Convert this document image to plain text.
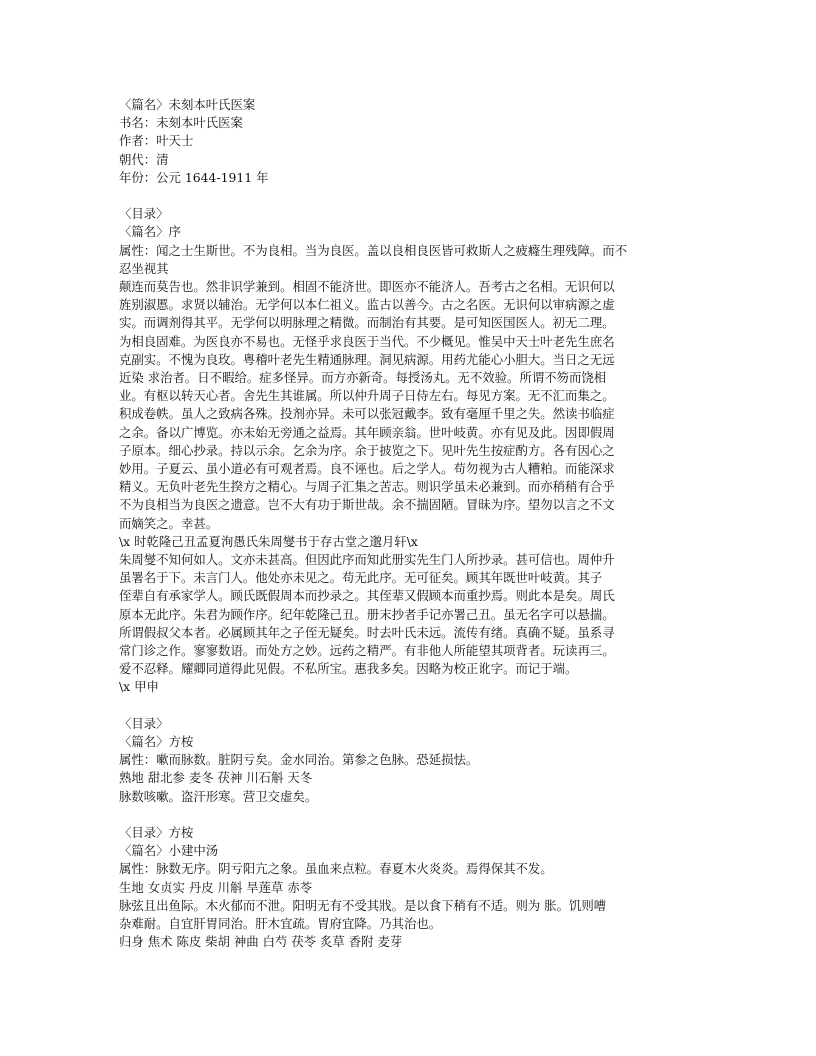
〈篇名〉未刻本叶氏医案
书名：未刻本叶氏医案
作者：叶天士
朝代：清
年份：公元 1644-1911 年
〈目录〉
〈篇名〉序
属性：闻之士生斯世。不为良相。当为良医。盖以良相良医皆可救斯人之疲癃生理残障。而不
忍坐视其
颠连而莫告也。然非识学兼到。相固不能济世。即医亦不能济人。吾考古之名相。无识何以
旌别淑慝。求贤以辅治。无学何以本仁祖义。监古以善今。古之名医。无识何以审病源之虚
实。而调剂得其平。无学何以明脉理之精微。而制治有其要。是可知医国医人。初无二理。
为相良固难。为医良亦不易也。无怪乎求良医于当代。不少概见。惟吴中天士叶老先生庶名
克副实。不愧为良玫。粤稽叶老先生精通脉理。洞见病源。用药尤能心小胆大。当日之无远
近染 求治者。日不暇给。症多怪异。而方亦新奇。每授汤丸。无不效验。所谓不笏而饶相
业。有枢以转天心者。舍先生其谁属。所以仲升周子日侍左右。每见方案。无不汇而集之。
积成卷帙。虽人之致病各殊。投剂亦异。未可以张冠戴李。致有毫厘千里之失。然读书临症
之余。备以广博览。亦未始无旁通之益焉。其年顾亲翁。世叶岐黄。亦有见及此。因即假周
子原本。细心抄录。持以示余。乞余为序。余于披览之下。见叶先生按症酌方。各有因心之
妙用。子夏云、虽小道必有可观者焉。良不诬也。后之学人。苟勿视为古人糟粕。而能深求
精义。无负叶老先生揆方之精心。与周子汇集之苦志。则识学虽未必兼到。而亦稍稍有合乎
不为良相当为良医之遗意。岂不大有功于斯世哉。余不揣固陋。冒昧为序。望勿以言之不文
而嫡笑之。幸甚。
\x 时乾隆己丑孟夏洵愚氏朱周燮书于存古堂之邈月轩\x
朱周燮不知何如人。文亦未甚高。但因此序而知此册实先生门人所抄录。甚可信也。周仲升
虽署名于下。未言门人。他处亦未见之。苟无此序。无可征矣。顾其年既世叶岐黄。其子
侄辈自有承家学人。顾氏既假周本而抄录之。其侄辈又假顾本而重抄焉。则此本是矣。周氏
原本无此序。朱君为顾作序。纪年乾隆己丑。册末抄者手记亦署己丑。虽无名字可以悬揣。
所谓假叔父本者。必属顾其年之子侄无疑矣。时去叶氏未远。流传有绪。真确不疑。虽系寻
常门诊之作。寥寥数语。而处方之妙。远药之精严。有非他人所能望其项背者。玩读再三。
爱不忍释。耀卿同道得此见假。不私所宝。惠我多矣。因略为校正讹字。而记于端。
\x 甲申
〈目录〉
〈篇名〉方桉
属性：嗽而脉数。脏阴亏矣。金水同治。第参之色脉。恐延损怯。
熟地 甜北参 麦冬 茯神 川石斛 天冬
脉数咳嗽。盗汗形寒。营卫交虚矣。
〈目录〉方桉
〈篇名〉小建中汤
属性：脉数无序。阴亏阳亢之象。虽血来点粒。春夏木火炎炎。焉得保其不发。
生地 女贞实 丹皮 川斛 旱莲草 赤苓
脉弦且出鱼际。木火郁而不泄。阳明无有不受其戕。是以食下稍有不适。则为 胀。饥则嘈
杂难耐。自宜肝胃同治。肝木宜疏。胃府宜降。乃其治也。
归身 焦术 陈皮 柴胡 神曲 白芍 茯苓 炙草 香附 麦芽
